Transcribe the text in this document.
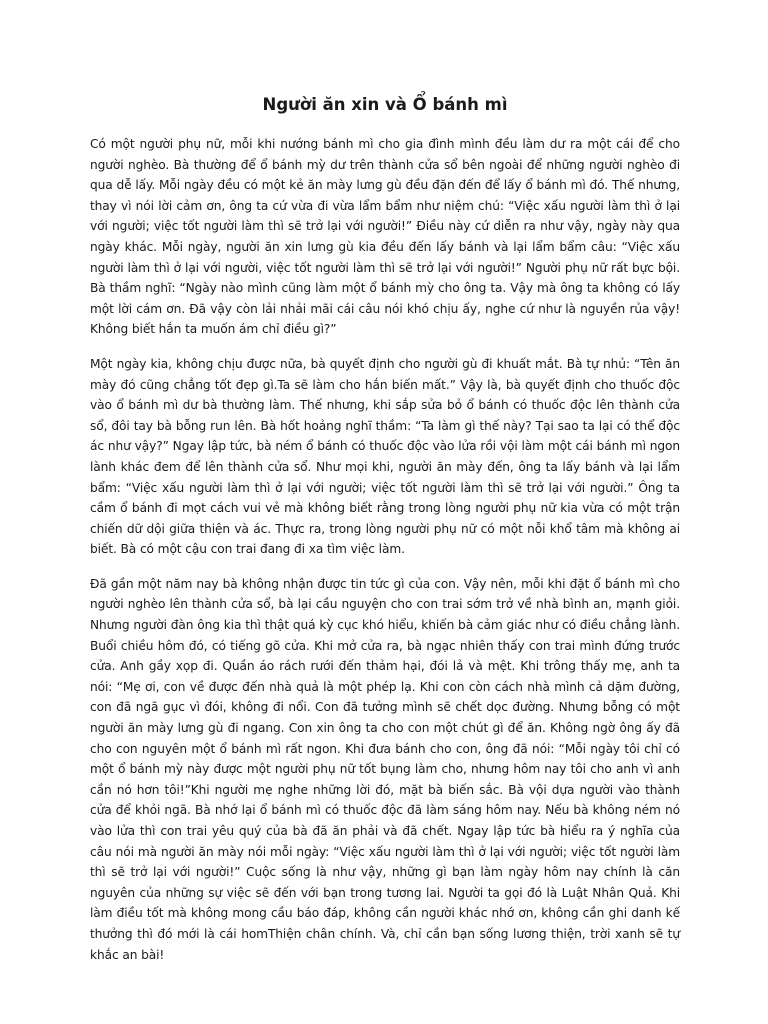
Người ăn xin và Ổ bánh mì

Có một người phụ nữ, mỗi khi nướng bánh mì cho gia đình mình đều làm dư ra một cái để cho người nghèo. Bà thường để ổ bánh mỳ dư trên thành cửa sổ bên ngoài để những người nghèo đi qua dễ lấy. Mỗi ngày đều có một kẻ ăn mày lưng gù đều đặn đến để lấy ổ bánh mì đó. Thế nhưng, thay vì nói lời cảm ơn, ông ta cứ vừa đi vừa lẩm bẩm như niệm chú: “Việc xấu người làm thì ở lại với người; việc tốt người làm thì sẽ trở lại với người!” Điều này cứ diễn ra như vậy, ngày này qua ngày khác. Mỗi ngày, người ăn xin lưng gù kia đều đến lấy bánh và lại lẩm bẩm câu: “Việc xấu người làm thì ở lại với người, việc tốt người làm thì sẽ trở lại với người!” Người phụ nữ rất bực bội. Bà thầm nghĩ: “Ngày nào mình cũng làm một ổ bánh mỳ cho ông ta. Vậy mà ông ta không có lấy một lời cám ơn. Đã vậy còn lải nhải mãi cái câu nói khó chịu ấy, nghe cứ như là nguyền rủa vậy! Không biết hắn ta muốn ám chỉ điều gì?”

Một ngày kia, không chịu được nữa, bà quyết định cho người gù đi khuất mắt. Bà tự nhủ: “Tên ăn mày đó cũng chẳng tốt đẹp gì.Ta sẽ làm cho hắn biến mất.” Vậy là, bà quyết định cho thuốc độc vào ổ bánh mì dư bà thường làm. Thế nhưng, khi sắp sửa bỏ ổ bánh có thuốc độc lên thành cửa sổ, đôi tay bà bỗng run lên. Bà hốt hoảng nghĩ thầm: “Ta làm gì thế này? Tại sao ta lại có thể độc ác như vậy?” Ngay lập tức, bà ném ổ bánh có thuốc độc vào lửa rồi vội làm một cái bánh mì ngon lành khác đem để lên thành cửa sổ. Như mọi khi, người ăn mày đến, ông ta lấy bánh và lại lẩm bẩm: “Việc xấu người làm thì ở lại với người; việc tốt người làm thì sẽ trở lại với người.” Ông ta cầm ổ bánh đi mọt cách vui vẻ mà không biết rằng trong lòng người phụ nữ kia vừa có một trận chiến dữ dội giữa thiện và ác. Thực ra, trong lòng người phụ nữ có một nỗi khổ tâm mà không ai biết. Bà có một cậu con trai đang đi xa tìm việc làm.

Đã gần một năm nay bà không nhận được tin tức gì của con. Vậy nên, mỗi khi đặt ổ bánh mì cho người nghèo lên thành cửa sổ, bà lại cầu nguyện cho con trai sớm trở về nhà bình an, mạnh giỏi. Nhưng người đàn ông kia thì thật quá kỳ cục khó hiểu, khiến bà cảm giác như có điều chẳng lành. Buổi chiều hôm đó, có tiếng gõ cửa. Khi mở cửa ra, bà ngạc nhiên thấy con trai mình đứng trước cửa. Anh gầy xọp đi. Quần áo rách rưới đến thảm hại, đói lả và mệt. Khi trông thấy mẹ, anh ta nói: “Mẹ ơi, con về được đến nhà quả là một phép lạ. Khi con còn cách nhà mình cả dặm đường, con đã ngã gục vì đói, không đi nổi. Con đã tưởng mình sẽ chết dọc đường. Nhưng bỗng có một người ăn mày lưng gù đi ngang. Con xin ông ta cho con một chút gì để ăn. Không ngờ ông ấy đã cho con nguyên một ổ bánh mì rất ngon. Khi đưa bánh cho con, ông đã nói: “Mỗi ngày tôi chỉ có một ổ bánh mỳ này được một người phụ nữ tốt bụng làm cho, nhưng hôm nay tôi cho anh vì anh cần nó hơn tôi!”Khi người mẹ nghe những lời đó, mặt bà biến sắc. Bà vội dựa người vào thành cửa để khỏi ngã. Bà nhớ lại ổ bánh mì có thuốc độc đã làm sáng hôm nay. Nếu bà không ném nó vào lửa thì con trai yêu quý của bà đã ăn phải và đã chết. Ngay lập tức bà hiểu ra ý nghĩa của câu nói mà người ăn mày nói mỗi ngày: “Việc xấu người làm thì ở lại với người; việc tốt người làm thì sẽ trở lại với người!” Cuộc sống là như vậy, những gì bạn làm ngày hôm nay chính là căn nguyên của những sự việc sẽ đến với bạn trong tương lai. Người ta gọi đó là Luật Nhân Quả. Khi làm điều tốt mà không mong cầu báo đáp, không cần người khác nhớ ơn, không cần ghi danh kế thưởng thì đó mới là cái homThiện chân chính. Và, chỉ cần bạn sống lương thiện, trời xanh sẽ tự khắc an bài!
